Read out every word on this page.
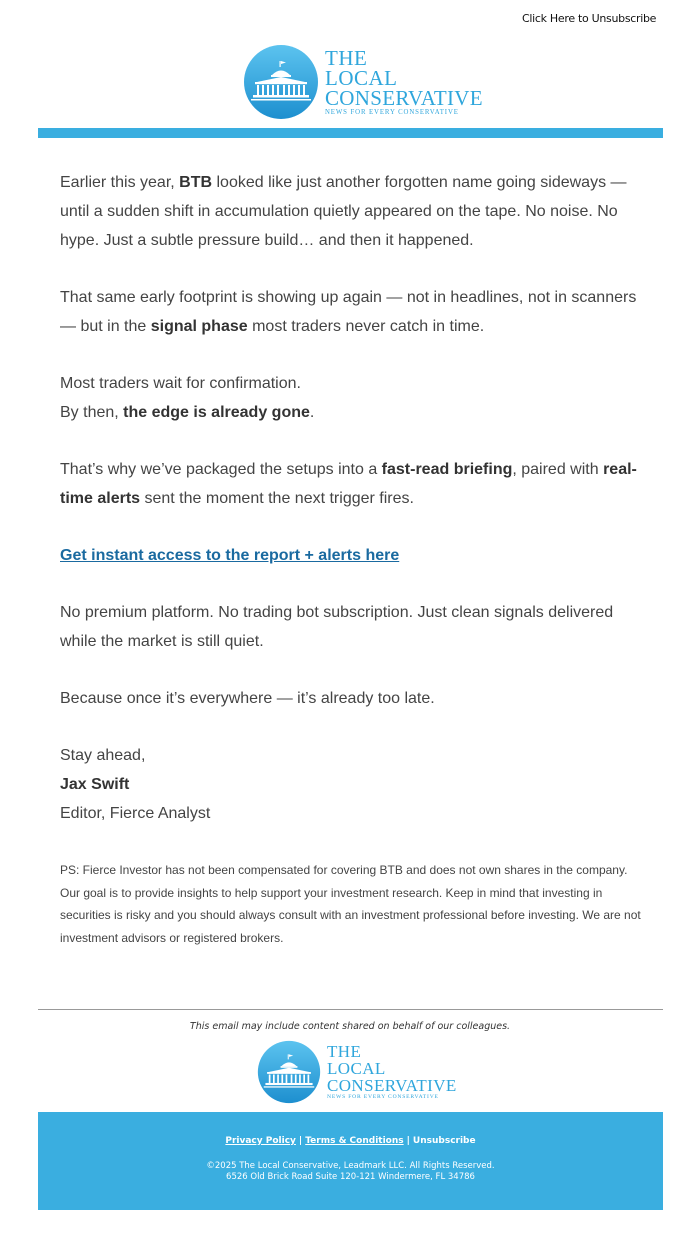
Click Here to Unsubscribe
THE
LOCAL
CONSERVATIVE
NEWS FOR EVERY CONSERVATIVE

Earlier this year, BTB looked like just another forgotten name going sideways — until a sudden shift in accumulation quietly appeared on the tape. No noise. No hype. Just a subtle pressure build… and then it happened.

That same early footprint is showing up again — not in headlines, not in scanners — but in the signal phase most traders never catch in time.

Most traders wait for confirmation.
By then, the edge is already gone.

That’s why we’ve packaged the setups into a fast-read briefing, paired with real-time alerts sent the moment the next trigger fires.

Get instant access to the report + alerts here

No premium platform. No trading bot subscription. Just clean signals delivered while the market is still quiet.

Because once it’s everywhere — it’s already too late.

Stay ahead,
Jax Swift
Editor, Fierce Analyst

PS: Fierce Investor has not been compensated for covering BTB and does not own shares in the company. Our goal is to provide insights to help support your investment research. Keep in mind that investing in securities is risky and you should always consult with an investment professional before investing. We are not investment advisors or registered brokers.
This email may include content shared on behalf of our colleagues.
THE
LOCAL
CONSERVATIVE
NEWS FOR EVERY CONSERVATIVE
Privacy Policy | Terms & Conditions | Unsubscribe
©2025 The Local Conservative, Leadmark LLC. All Rights Reserved.
6526 Old Brick Road Suite 120-121 Windermere, FL 34786
